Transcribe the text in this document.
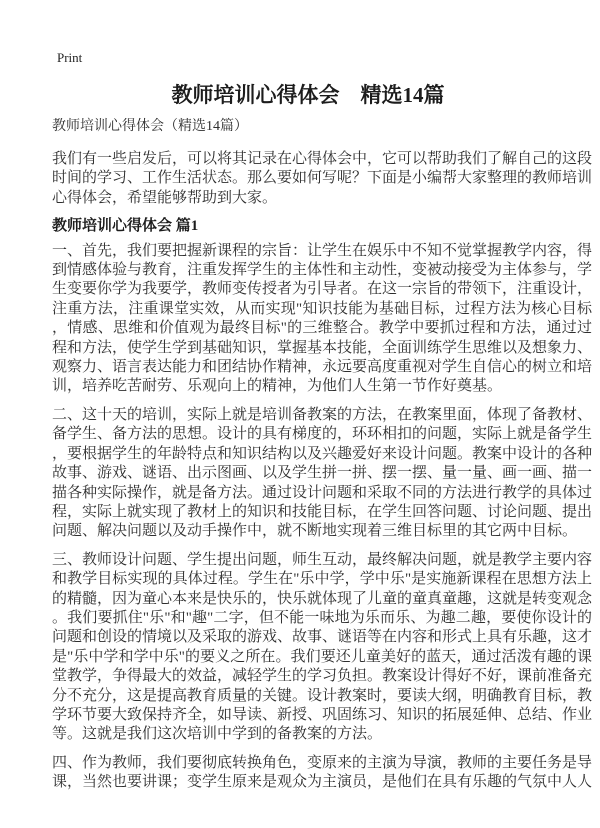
Print
教师培训心得体会　精选14篇
教师培训心得体会（精选14篇）

我们有一些启发后，可以将其记录在心得体会中，它可以帮助我们了解自己的这段时间的学习、工作生活状态。那么要如何写呢？下面是小编帮大家整理的教师培训心得体会，希望能够帮助到大家。

教师培训心得体会 篇1

一、首先，我们要把握新课程的宗旨：让学生在娱乐中不知不觉掌握教学内容，得到情感体验与教育，注重发挥学生的主体性和主动性，变被动接受为主体参与，学生变要你学为我要学，教师变传授者为引导者。在这一宗旨的带领下，注重设计，注重方法，注重课堂实效，从而实现"知识技能为基础目标，过程方法为核心目标，情感、思维和价值观为最终目标"的三维整合。教学中要抓过程和方法，通过过程和方法，使学生学到基础知识，掌握基本技能，全面训练学生思维以及想象力、观察力、语言表达能力和团结协作精神，永远要高度重视对学生自信心的树立和培训，培养吃苦耐劳、乐观向上的精神，为他们人生第一节作好奠基。

二、这十天的培训，实际上就是培训备教案的方法，在教案里面，体现了备教材、备学生、备方法的思想。设计的具有梯度的，环环相扣的问题，实际上就是备学生，要根据学生的年龄特点和知识结构以及兴趣爱好来设计问题。教案中设计的各种故事、游戏、谜语、出示图画、以及学生拼一拼、摆一摆、量一量、画一画、描一描各种实际操作，就是备方法。通过设计问题和采取不同的方法进行教学的具体过程，实际上就实现了教材上的知识和技能目标，在学生回答问题、讨论问题、提出问题、解决问题以及动手操作中，就不断地实现着三维目标里的其它两中目标。

三、教师设计问题、学生提出问题，师生互动，最终解决问题，就是教学主要内容和教学目标实现的具体过程。学生在"乐中学，学中乐"是实施新课程在思想方法上的精髓，因为童心本来是快乐的，快乐就体现了儿童的童真童趣，这就是转变观念。我们要抓住"乐"和"趣"二字，但不能一味地为乐而乐、为趣二趣，要使你设计的问题和创设的情境以及采取的游戏、故事、谜语等在内容和形式上具有乐趣，这才是"乐中学和学中乐"的要义之所在。我们要还儿童美好的蓝天，通过活泼有趣的课堂教学，争得最大的效益，减轻学生的学习负担。教案设计得好不好，课前准备充分不充分，这是提高教育质量的关键。设计教案时，要读大纲，明确教育目标，教学环节要大致保持齐全，如导读、新授、巩固练习、知识的拓展延伸、总结、作业等。这就是我们这次培训中学到的备教案的方法。

四、作为教师，我们要彻底转换角色，变原来的主演为导演，教师的主要任务是导课，当然也要讲课；变学生原来是观众为主演员，是他们在具有乐趣的气氛中人人
